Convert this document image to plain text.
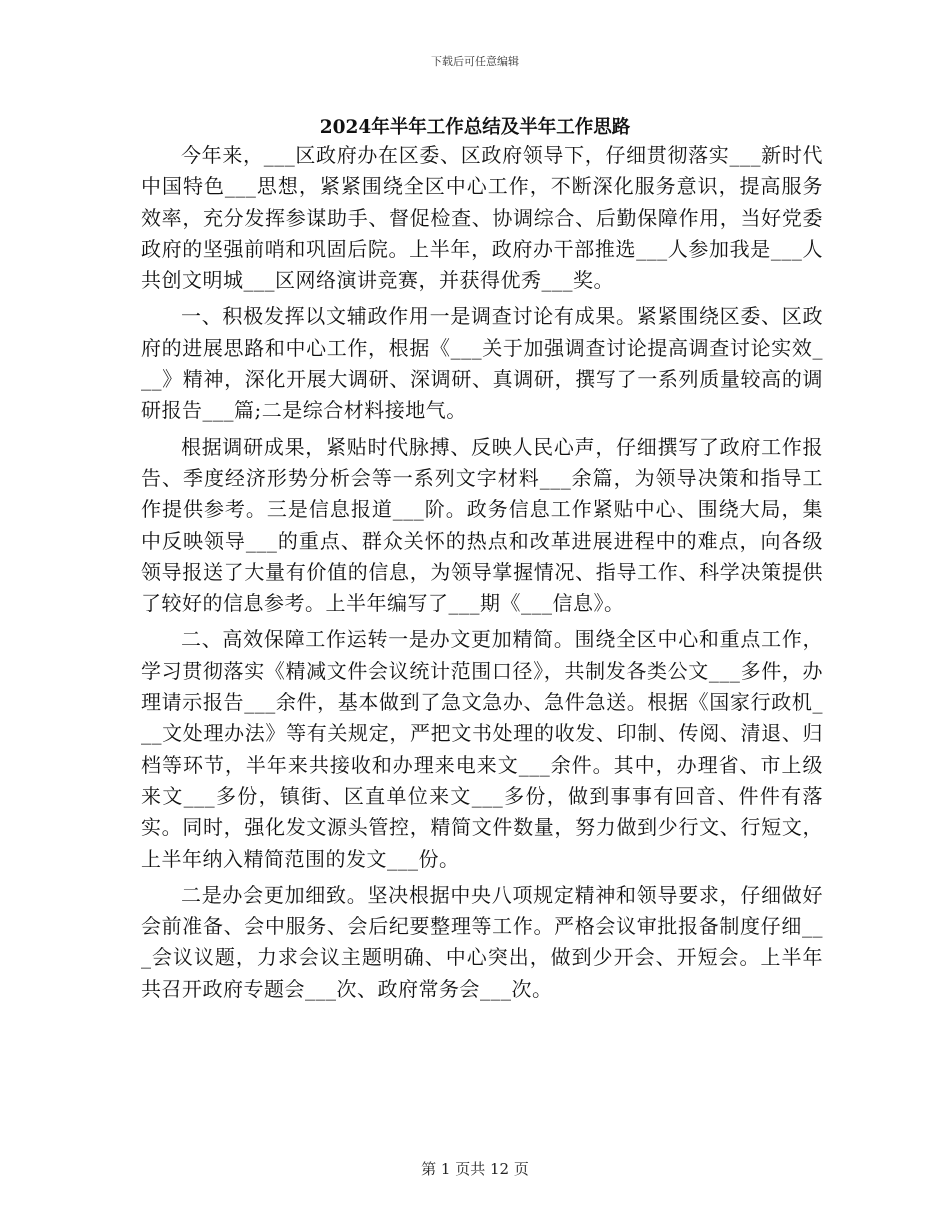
下载后可任意编辑
2024年半年工作总结及半年工作思路

今年来，___区政府办在区委、区政府领导下，仔细贯彻落实___新时代中国特色___思想，紧紧围绕全区中心工作，不断深化服务意识，提高服务效率，充分发挥参谋助手、督促检查、协调综合、后勤保障作用，当好党委政府的坚强前哨和巩固后院。上半年，政府办干部推选___人参加我是___人共创文明城___区网络演讲竞赛，并获得优秀___奖。

一、积极发挥以文辅政作用一是调查讨论有成果。紧紧围绕区委、区政府的进展思路和中心工作，根据《___关于加强调查讨论提高调查讨论实效___》精神，深化开展大调研、深调研、真调研，撰写了一系列质量较高的调研报告___篇;二是综合材料接地气。

根据调研成果，紧贴时代脉搏、反映人民心声，仔细撰写了政府工作报告、季度经济形势分析会等一系列文字材料___余篇，为领导决策和指导工作提供参考。三是信息报道___阶。政务信息工作紧贴中心、围绕大局，集中反映领导___的重点、群众关怀的热点和改革进展进程中的难点，向各级领导报送了大量有价值的信息，为领导掌握情况、指导工作、科学决策提供了较好的信息参考。上半年编写了___期《___信息》。

二、高效保障工作运转一是办文更加精简。围绕全区中心和重点工作，学习贯彻落实《精减文件会议统计范围口径》，共制发各类公文___多件，办理请示报告___余件，基本做到了急文急办、急件急送。根据《国家行政机___文处理办法》等有关规定，严把文书处理的收发、印制、传阅、清退、归档等环节，半年来共接收和办理来电来文___余件。其中，办理省、市上级来文___多份，镇街、区直单位来文___多份，做到事事有回音、件件有落实。同时，强化发文源头管控，精简文件数量，努力做到少行文、行短文，上半年纳入精简范围的发文___份。

二是办会更加细致。坚决根据中央八项规定精神和领导要求，仔细做好会前准备、会中服务、会后纪要整理等工作。严格会议审批报备制度仔细___会议议题，力求会议主题明确、中心突出，做到少开会、开短会。上半年共召开政府专题会___次、政府常务会___次。

第 1 页共 12 页
